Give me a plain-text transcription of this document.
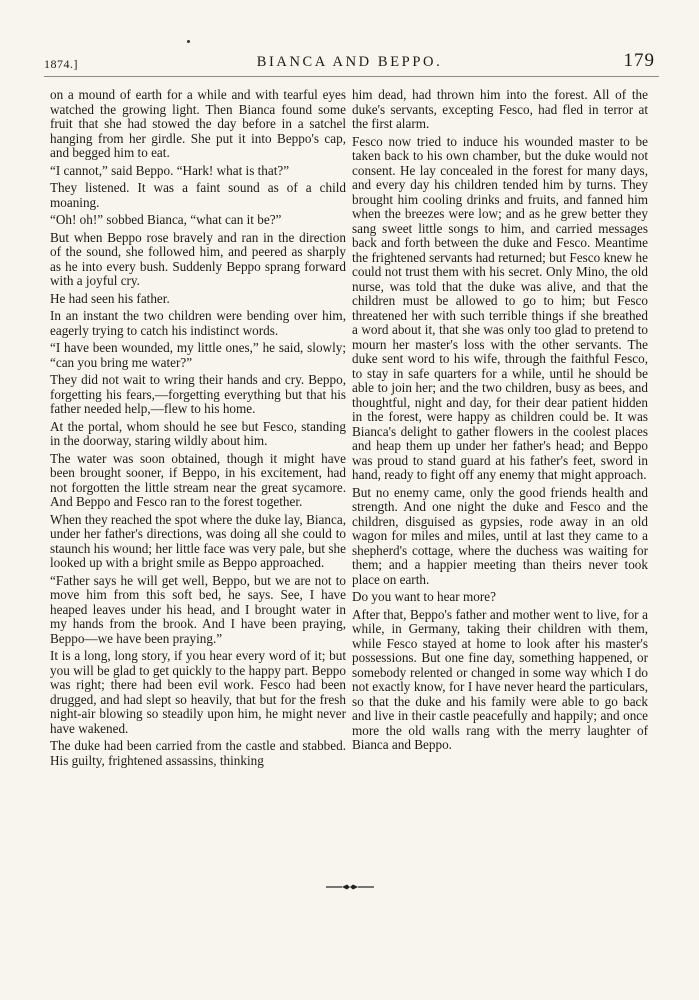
1874.]	BIANCA AND BEPPO.	179

on a mound of earth for a while and with tearful eyes watched the growing light. Then Bianca found some fruit that she had stowed the day before in a satchel hanging from her girdle. She put it into Beppo's cap, and begged him to eat.

“I cannot,” said Beppo. “Hark! what is that?”

They listened. It was a faint sound as of a child moaning.

“Oh! oh!” sobbed Bianca, “what can it be?”

But when Beppo rose bravely and ran in the direction of the sound, she followed him, and peered as sharply as he into every bush. Suddenly Beppo sprang forward with a joyful cry.

He had seen his father.

In an instant the two children were bending over him, eagerly trying to catch his indistinct words.

“I have been wounded, my little ones,” he said, slowly; “can you bring me water?”

They did not wait to wring their hands and cry. Beppo, forgetting his fears,—forgetting everything but that his father needed help,—flew to his home.

At the portal, whom should he see but Fesco, standing in the doorway, staring wildly about him.

The water was soon obtained, though it might have been brought sooner, if Beppo, in his excitement, had not forgotten the little stream near the great sycamore. And Beppo and Fesco ran to the forest together.

When they reached the spot where the duke lay, Bianca, under her father's directions, was doing all she could to staunch his wound; her little face was very pale, but she looked up with a bright smile as Beppo approached.

“Father says he will get well, Beppo, but we are not to move him from this soft bed, he says. See, I have heaped leaves under his head, and I brought water in my hands from the brook. And I have been praying, Beppo—we have been praying.”

It is a long, long story, if you hear every word of it; but you will be glad to get quickly to the happy part. Beppo was right; there had been evil work. Fesco had been drugged, and had slept so heavily, that but for the fresh night-air blowing so steadily upon him, he might never have wakened.

The duke had been carried from the castle and stabbed. His guilty, frightened assassins, thinking

him dead, had thrown him into the forest. All of the duke's servants, excepting Fesco, had fled in terror at the first alarm.

Fesco now tried to induce his wounded master to be taken back to his own chamber, but the duke would not consent. He lay concealed in the forest for many days, and every day his children tended him by turns. They brought him cooling drinks and fruits, and fanned him when the breezes were low; and as he grew better they sang sweet little songs to him, and carried messages back and forth between the duke and Fesco. Meantime the frightened servants had returned; but Fesco knew he could not trust them with his secret. Only Mino, the old nurse, was told that the duke was alive, and that the children must be allowed to go to him; but Fesco threatened her with such terrible things if she breathed a word about it, that she was only too glad to pretend to mourn her master's loss with the other servants. The duke sent word to his wife, through the faithful Fesco, to stay in safe quarters for a while, until he should be able to join her; and the two children, busy as bees, and thoughtful, night and day, for their dear patient hidden in the forest, were happy as children could be. It was Bianca's delight to gather flowers in the coolest places and heap them up under her father's head; and Beppo was proud to stand guard at his father's feet, sword in hand, ready to fight off any enemy that might approach.

But no enemy came, only the good friends health and strength. And one night the duke and Fesco and the children, disguised as gypsies, rode away in an old wagon for miles and miles, until at last they came to a shepherd's cottage, where the duchess was waiting for them; and a happier meeting than theirs never took place on earth.

Do you want to hear more?

After that, Beppo's father and mother went to live, for a while, in Germany, taking their children with them, while Fesco stayed at home to look after his master's possessions. But one fine day, something happened, or somebody relented or changed in some way which I do not exactly know, for I have never heard the particulars, so that the duke and his family were able to go back and live in their castle peacefully and happily; and once more the old walls rang with the merry laughter of Bianca and Beppo.
